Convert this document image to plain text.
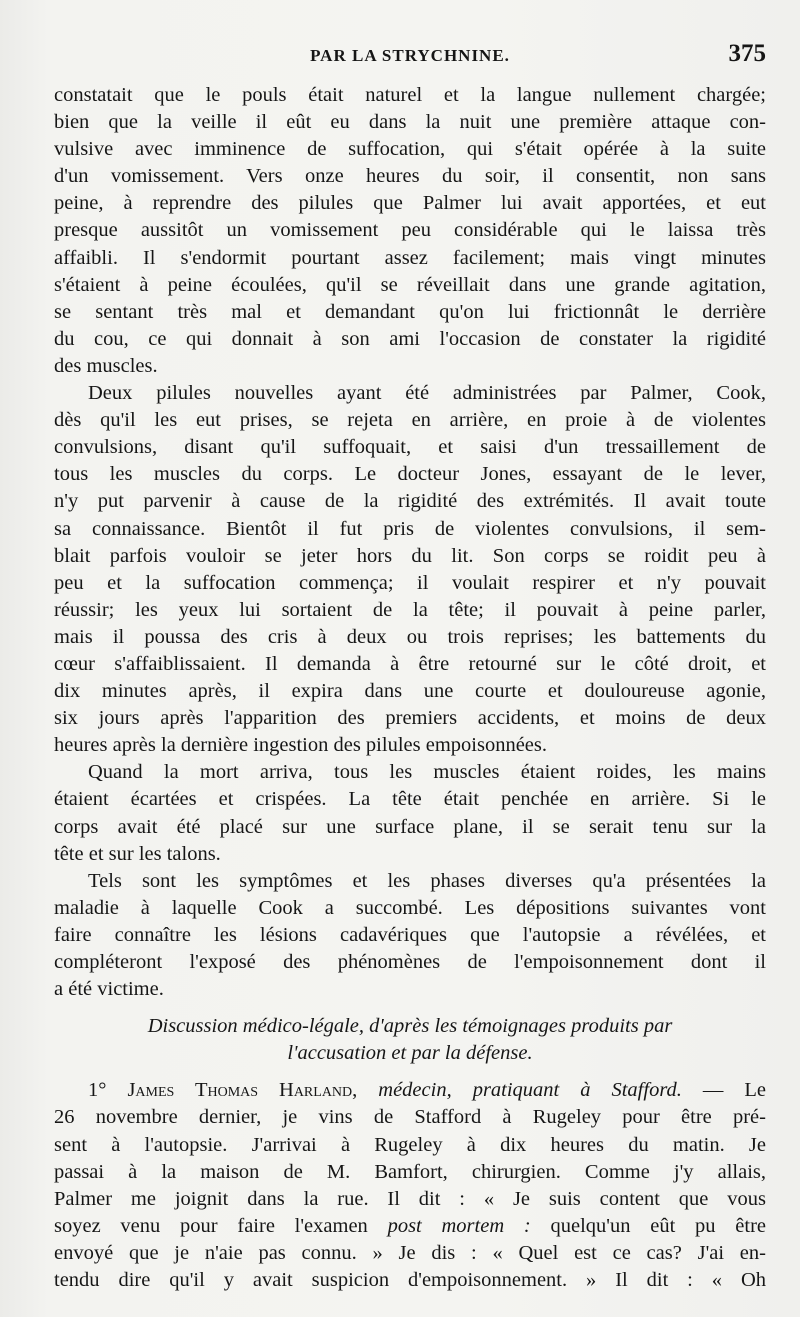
PAR LA STRYCHNINE.	375
constatait que le pouls était naturel et la langue nullement chargée;
bien que la veille il eût eu dans la nuit une première attaque con-
vulsive avec imminence de suffocation, qui s'était opérée à la suite
d'un vomissement. Vers onze heures du soir, il consentit, non sans
peine, à reprendre des pilules que Palmer lui avait apportées, et eut
presque aussitôt un vomissement peu considérable qui le laissa très
affaibli. Il s'endormit pourtant assez facilement; mais vingt minutes
s'étaient à peine écoulées, qu'il se réveillait dans une grande agitation,
se sentant très mal et demandant qu'on lui frictionnât le derrière
du cou, ce qui donnait à son ami l'occasion de constater la rigidité
des muscles.
Deux pilules nouvelles ayant été administrées par Palmer, Cook,
dès qu'il les eut prises, se rejeta en arrière, en proie à de violentes
convulsions, disant qu'il suffoquait, et saisi d'un tressaillement de
tous les muscles du corps. Le docteur Jones, essayant de le lever,
n'y put parvenir à cause de la rigidité des extrémités. Il avait toute
sa connaissance. Bientôt il fut pris de violentes convulsions, il sem-
blait parfois vouloir se jeter hors du lit. Son corps se roidit peu à
peu et la suffocation commença; il voulait respirer et n'y pouvait
réussir; les yeux lui sortaient de la tête; il pouvait à peine parler,
mais il poussa des cris à deux ou trois reprises; les battements du
cœur s'affaiblissaient. Il demanda à être retourné sur le côté droit, et
dix minutes après, il expira dans une courte et douloureuse agonie,
six jours après l'apparition des premiers accidents, et moins de deux
heures après la dernière ingestion des pilules empoisonnées.
Quand la mort arriva, tous les muscles étaient roides, les mains
étaient écartées et crispées. La tête était penchée en arrière. Si le
corps avait été placé sur une surface plane, il se serait tenu sur la
tête et sur les talons.
Tels sont les symptômes et les phases diverses qu'a présentées la
maladie à laquelle Cook a succombé. Les dépositions suivantes vont
faire connaître les lésions cadavériques que l'autopsie a révélées, et
compléteront l'exposé des phénomènes de l'empoisonnement dont il
a été victime.
Discussion médico-légale, d'après les témoignages produits par
l'accusation et par la défense.
1° James Thomas Harland, médecin, pratiquant à Stafford. — Le
26 novembre dernier, je vins de Stafford à Rugeley pour être pré-
sent à l'autopsie. J'arrivai à Rugeley à dix heures du matin. Je
passai à la maison de M. Bamfort, chirurgien. Comme j'y allais,
Palmer me joignit dans la rue. Il dit : « Je suis content que vous
soyez venu pour faire l'examen post mortem : quelqu'un eût pu être
envoyé que je n'aie pas connu. » Je dis : « Quel est ce cas? J'ai en-
tendu dire qu'il y avait suspicion d'empoisonnement. » Il dit : « Oh
